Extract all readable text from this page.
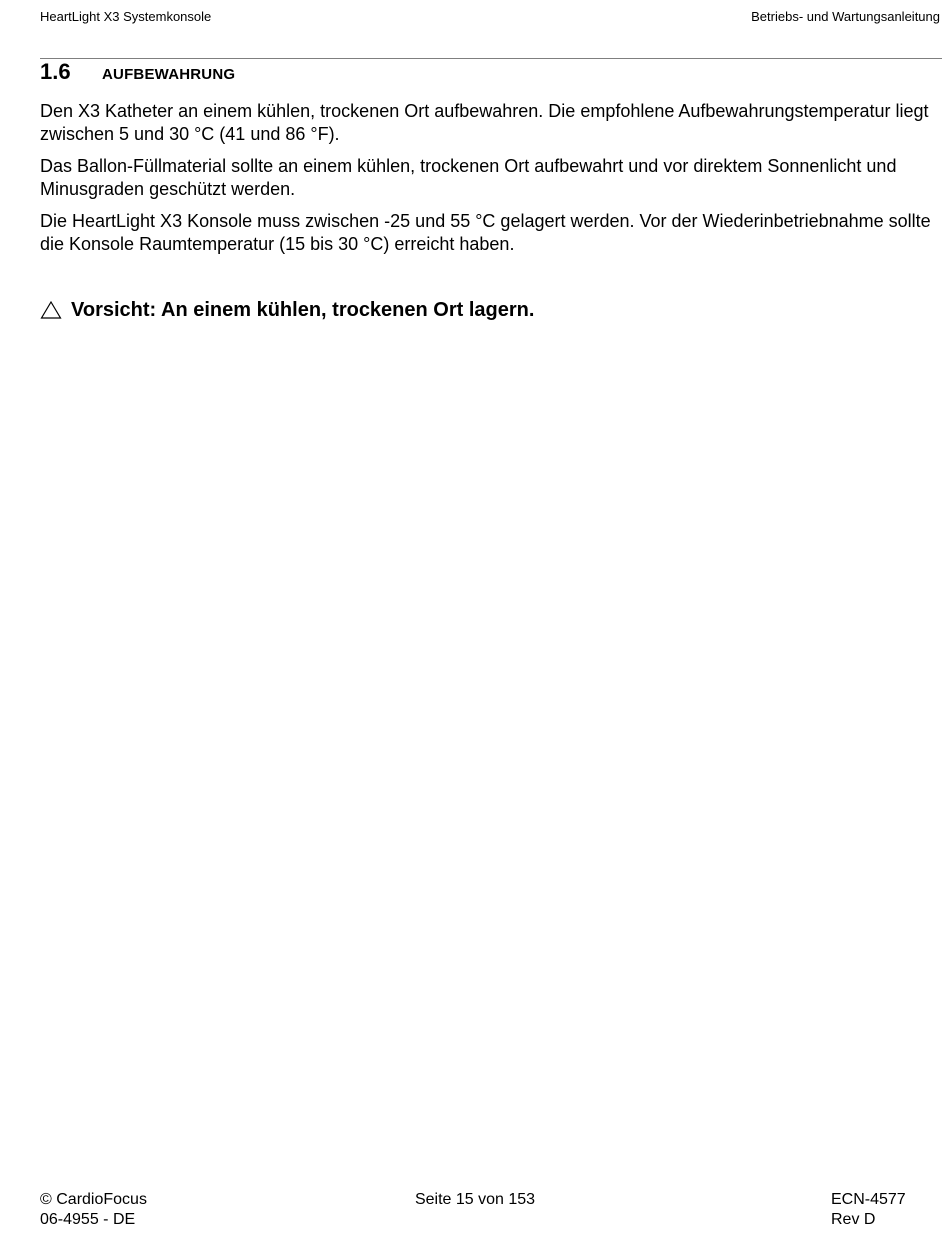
HeartLight X3 Systemkonsole	Betriebs- und Wartungsanleitung
1.6 aufbewahrung

Den X3 Katheter an einem kühlen, trockenen Ort aufbewahren. Die empfohlene Aufbewahrungstemperatur liegt zwischen 5 und 30 °C (41 und 86 °F).

Das Ballon-Füllmaterial sollte an einem kühlen, trockenen Ort aufbewahrt und vor direktem Sonnenlicht und Minusgraden geschützt werden.

Die HeartLight X3 Konsole muss zwischen -25 und 55 °C gelagert werden. Vor der Wiederinbetriebnahme sollte die Konsole Raumtemperatur (15 bis 30 °C) erreicht haben.

Vorsicht: An einem kühlen, trockenen Ort lagern.
© CardioFocus
06-4955 - DE
Seite 15 von 153	ECN-4577
Rev D
